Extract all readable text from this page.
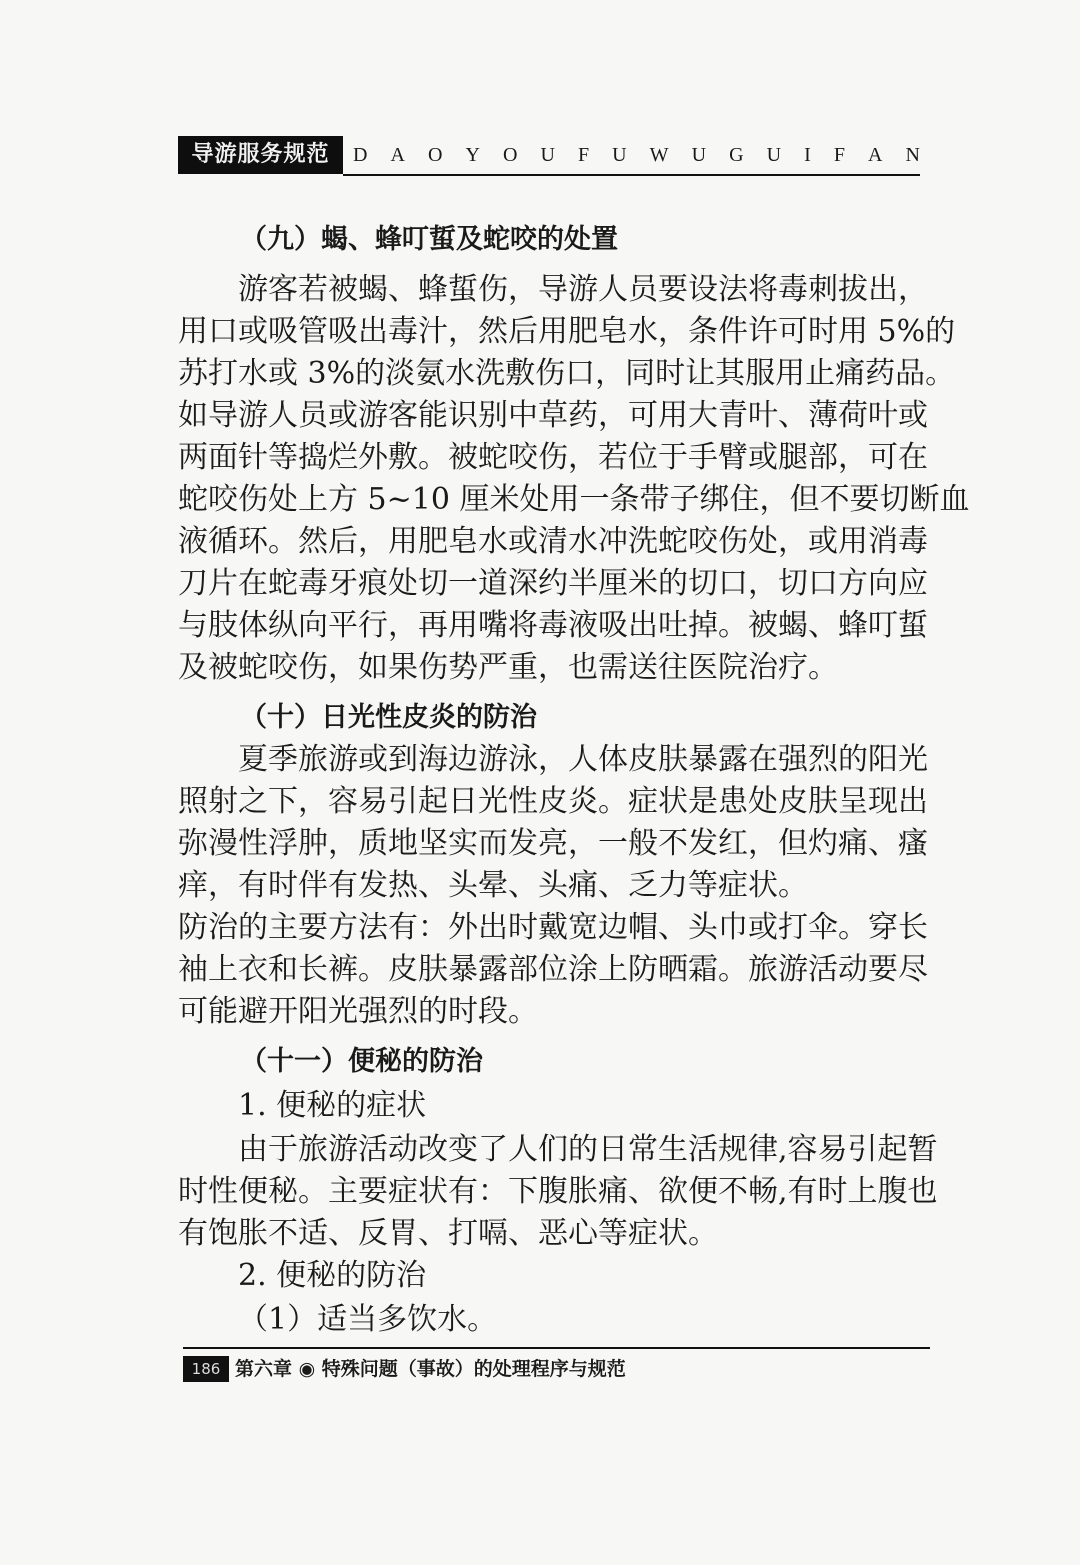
导游服务规范	D A O Y O U F U W U G U I F A N
（九）蝎、蜂叮蜇及蛇咬的处置
游客若被蝎、蜂蜇伤，导游人员要设法将毒刺拔出，
用口或吸管吸出毒汁，然后用肥皂水，条件许可时用 5%的
苏打水或 3%的淡氨水洗敷伤口，同时让其服用止痛药品。
如导游人员或游客能识别中草药，可用大青叶、薄荷叶或
两面针等捣烂外敷。被蛇咬伤，若位于手臂或腿部，可在
蛇咬伤处上方 5~10 厘米处用一条带子绑住，但不要切断血
液循环。然后，用肥皂水或清水冲洗蛇咬伤处，或用消毒
刀片在蛇毒牙痕处切一道深约半厘米的切口，切口方向应
与肢体纵向平行，再用嘴将毒液吸出吐掉。被蝎、蜂叮蜇
及被蛇咬伤，如果伤势严重，也需送往医院治疗。
（十）日光性皮炎的防治
夏季旅游或到海边游泳，人体皮肤暴露在强烈的阳光
照射之下，容易引起日光性皮炎。症状是患处皮肤呈现出
弥漫性浮肿，质地坚实而发亮，一般不发红，但灼痛、瘙
痒，有时伴有发热、头晕、头痛、乏力等症状。
防治的主要方法有：外出时戴宽边帽、头巾或打伞。穿长
袖上衣和长裤。皮肤暴露部位涂上防晒霜。旅游活动要尽
可能避开阳光强烈的时段。
（十一）便秘的防治
1. 便秘的症状
由于旅游活动改变了人们的日常生活规律,容易引起暂
时性便秘。主要症状有：下腹胀痛、欲便不畅,有时上腹也
有饱胀不适、反胃、打嗝、恶心等症状。
2. 便秘的防治
（1）适当多饮水。
186 第六章 ◉ 特殊问题（事故）的处理程序与规范
